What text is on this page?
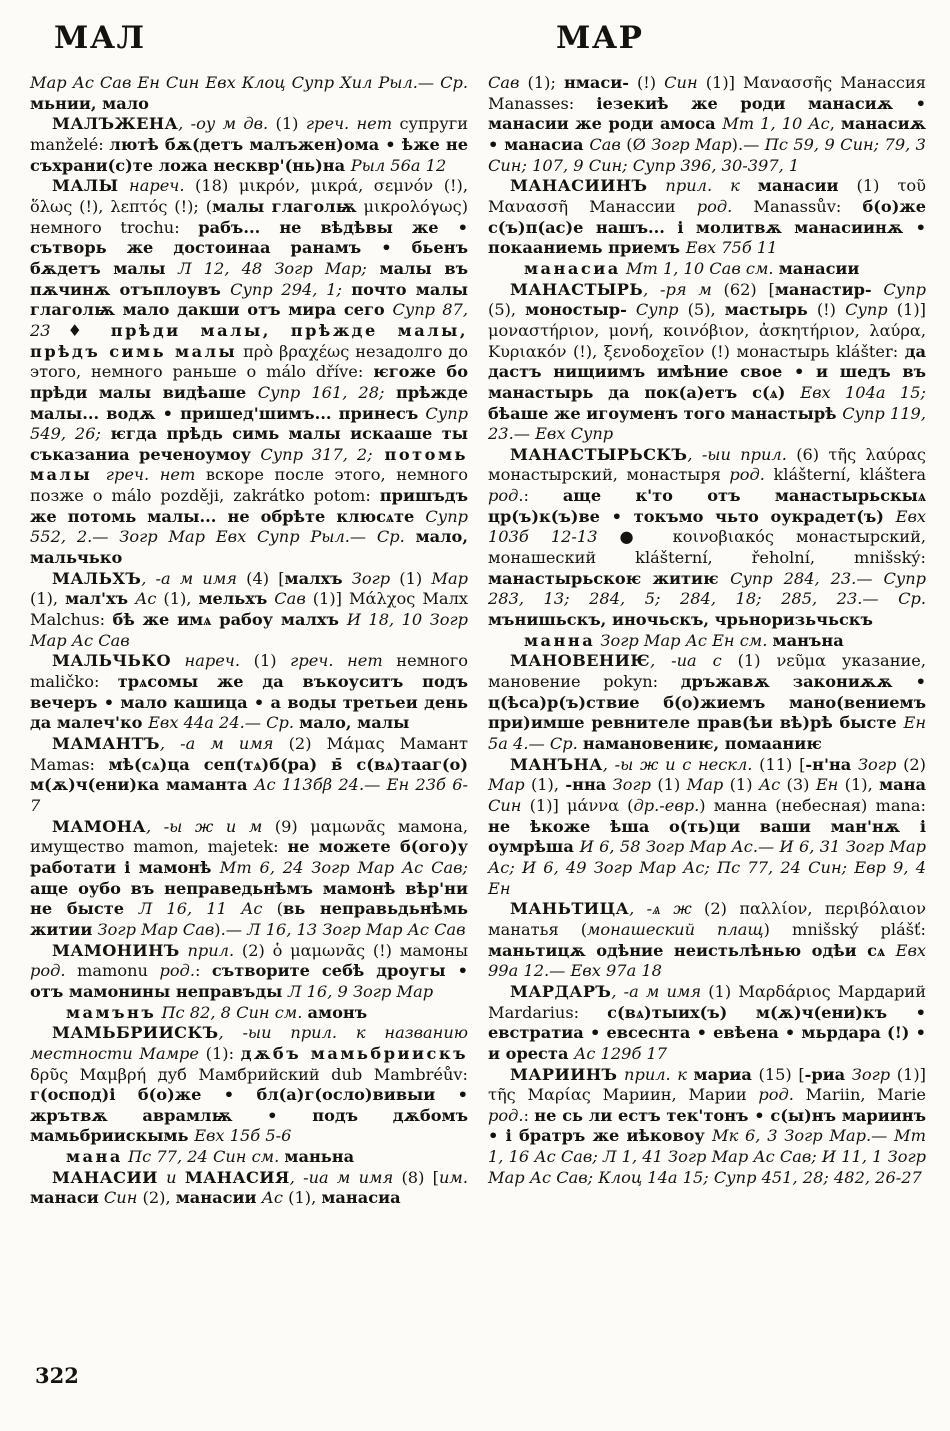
МАЛ	МАР

Мар Ас Сав Ен Син Евх Клоц Супр Хил Рыл.— Ср. мьнии, мало

МАЛЪЖЕНА, -оу м дв. (1) греч. нет супруги manželé: лютѣ бѫ(детъ малъжен)ома • ѣже не съхрани(с)те ложа несквр'(нь)на Рыл 56а 12

МАЛЫ нареч. (18) μικρόν, μικρά, σεμνόν (!), ὅλως (!), λεπτός (!); (малы глаголѭ μικρολόγως) немного trochu: рабъ... не вѣдѣвы же • сътворь же достоинаа ранамъ • бьенъ бѫдетъ малы Л 12, 48 Зогр Мар; малы въ пѫчинѫ отъплоувъ Супр 294, 1; почто малы глаголѭ мало дакши отъ мира сего Супр 87, 23 ♦ прѣди малы, прѣжде малы, прѣдъ симь малы πρὸ βραχέως незадолго до этого, немного раньше о málo dříve: ѥгоже бо прѣди малы видѣаше Супр 161, 28; прѣжде малы... водѫ • пришед'шимъ... принесъ Супр 549, 26; ѥгда прѣдь симь малы искааше ты съказаниа реченоумоу Супр 317, 2; потомь малы греч. нет вскоре после этого, немного позже о málo později, zakrátko potom: пришъдъ же потомь малы... не обрѣте клюсѧте Супр 552, 2.— Зогр Мар Евх Супр Рыл.— Ср. мало, мальчько

МАЛЬХЪ, -а м имя (4) [малхъ Зогр (1) Мар (1), мал'хъ Ас (1), мельхъ Сав (1)] Μάλχος Малх Malchus: бѣ же имѧ рабоу малхъ И 18, 10 Зогр Мар Ас Сав

МАЛЬЧЬКО нареч. (1) греч. нет немного maličko: трѧсомы же да въкоуситъ подъ вечеръ • мало кашица • а воды третьеи день да малеч'ко Евх 44а 24.— Ср. мало, малы

МАМАНТЪ, -а м имя (2) Μάμας Мамант Mamas: мѣ(сѧ)ца сеп(тѧ)б(ра) в̄ с(вѧ)тааг(о) м(ѫ)ч(ени)ка маманта Ас 113бβ 24.— Ен 23б 6-7

МАМОНА, -ы ж и м (9) μαμωνᾶς мамона, имущество mamon, majetek: не можете б(ого)у работати і мамонѣ Мт 6, 24 Зогр Мар Ас Сав; аще оубо въ неправедьнѣмъ мамонѣ вѣр'ни не бысте Л 16, 11 Ас (вь неправьдьнѣмь житии Зогр Мар Сав).— Л 16, 13 Зогр Мар Ас Сав

МАМОНИНЪ прил. (2) ὁ μαμωνᾶς (!) мамоны род. mamonu род.: сътворите себѣ дроугы • отъ мамонины неправъды Л 16, 9 Зогр Мар

мамънъ Пс 82, 8 Син см. амонъ

МАМЬБРИИСКЪ, -ыи прил. к названию местности Мамре (1): дѫбъ мамьбриискъ δρῦς Μαμβρή дуб Мамбрийский dub Mambréův: г(оспод)і б(о)же • бл(а)г(осло)вивыи • жрътвѫ аврамлѭ • подъ дѫбомъ мамьбриискымь Евх 15б 5-6

мана Пс 77, 24 Син см. маньна

МАНАСИИ и МАНАСИЯ, -иа м имя (8) [им. манаси Син (2), манасии Ас (1), манасиа

Сав (1); нмаси- (!) Син (1)] Μανασσῆς Манассия Manasses: іезекиѣ же роди манасиѫ • манасии же роди амоса Мт 1, 10 Ас, манасиѫ • манасиа Сав (Ø Зогр Мар).— Пс 59, 9 Син; 79, 3 Син; 107, 9 Син; Супр 396, 30-397, 1

МАНАСИИНЪ прил. к манасии (1) τοῦ Μανασσῆ Манассии род. Manassův: б(о)же с(ъ)п(ас)е нашъ... і молитвѫ манасиинѫ • покааниемь приемъ Евх 75б 11

манасиа Мт 1, 10 Сав см. манасии

МАНАСТЫРЬ, -ря м (62) [манастир- Супр (5), моностыр- Супр (5), мастырь (!) Супр (1)] μοναστήριον, μονή, κοινόβιον, ἀσκητήριον, λαύρα, Κυριακόν (!), ξενοδοχεῖον (!) монастырь klášter: да дастъ нищиимъ имѣние свое • и шедъ въ манастырь да пок(а)етъ с(ѧ) Евх 104а 15; бѣаше же игоуменъ того манастырѣ Супр 119, 23.— Евх Супр

МАНАСТЫРЬСКЪ, -ыи прил. (6) τῆς λαύρας монастырский, монастыря род. klášterní, kláštera род.: аще к'то отъ манастырьскыѧ цр(ъ)к(ъ)ве • токъмо чьто оукрадет(ъ) Евх 103б 12-13 ● κοινοβιακός монастырский, монашеский klášterní, řeholní, mnišský: манастырьскоѥ житиѥ Супр 284, 23.— Супр 283, 13; 284, 5; 284, 18; 285, 23.— Ср. мънишьскъ, иночьскъ, чрьноризьчьскъ

манна Зогр Мар Ас Ен см. манъна

МАНОВЕНИѤ, -иа с (1) νεῦμα указание, мановение pokyn: дръжавѫ закониѫѫ • ц(ѣса)р(ъ)ствие б(о)жиемъ мано(вениемъ при)имше ревнителе прав(ѣи вѣ)рѣ бысте Ен 5а 4.— Ср. намановениѥ, помааниѥ

МАНЪНА, -ы ж и с нескл. (11) [-н'на Зогр (2) Мар (1), -нна Зогр (1) Мар (1) Ас (3) Ен (1), мана Син (1)] μάννα (др.-евр.) манна (небесная) mana: не ѣкоже ѣша о(ть)ци ваши ман'нѫ і оумрѣша И 6, 58 Зогр Мар Ас.— И 6, 31 Зогр Мар Ас; И 6, 49 Зогр Мар Ас; Пс 77, 24 Син; Евр 9, 4 Ен

МАНЬТИЦА, -ѧ ж (2) παλλίον, περιβόλαιον манатья (монашеский плащ) mnišský plášť: маньтицѫ одѣние неистьлѣнью одѣи сѧ Евх 99а 12.— Евх 97а 18

МАРДАРЪ, -а м имя (1) Μαρδάριος Мардарий Mardarius: с(вѧ)тыих(ъ) м(ѫ)ч(ени)къ • евстратиа • евсеснта • евѣена • мьрдара (!) • и ореста Ас 129б 17

МАРИИНЪ прил. к мариа (15) [-риа Зогр (1)] τῆς Μαρίας Мариин, Марии род. Mariin, Marie род.: не сь ли естъ тек'тонъ • с(ы)нъ мариинъ • і братръ же иѣковоу Мк 6, 3 Зогр Мар.— Мт 1, 16 Ас Сав; Л 1, 41 Зогр Мар Ас Сав; И 11, 1 Зогр Мар Ас Сав; Клоц 14а 15; Супр 451, 28; 482, 26-27

322
